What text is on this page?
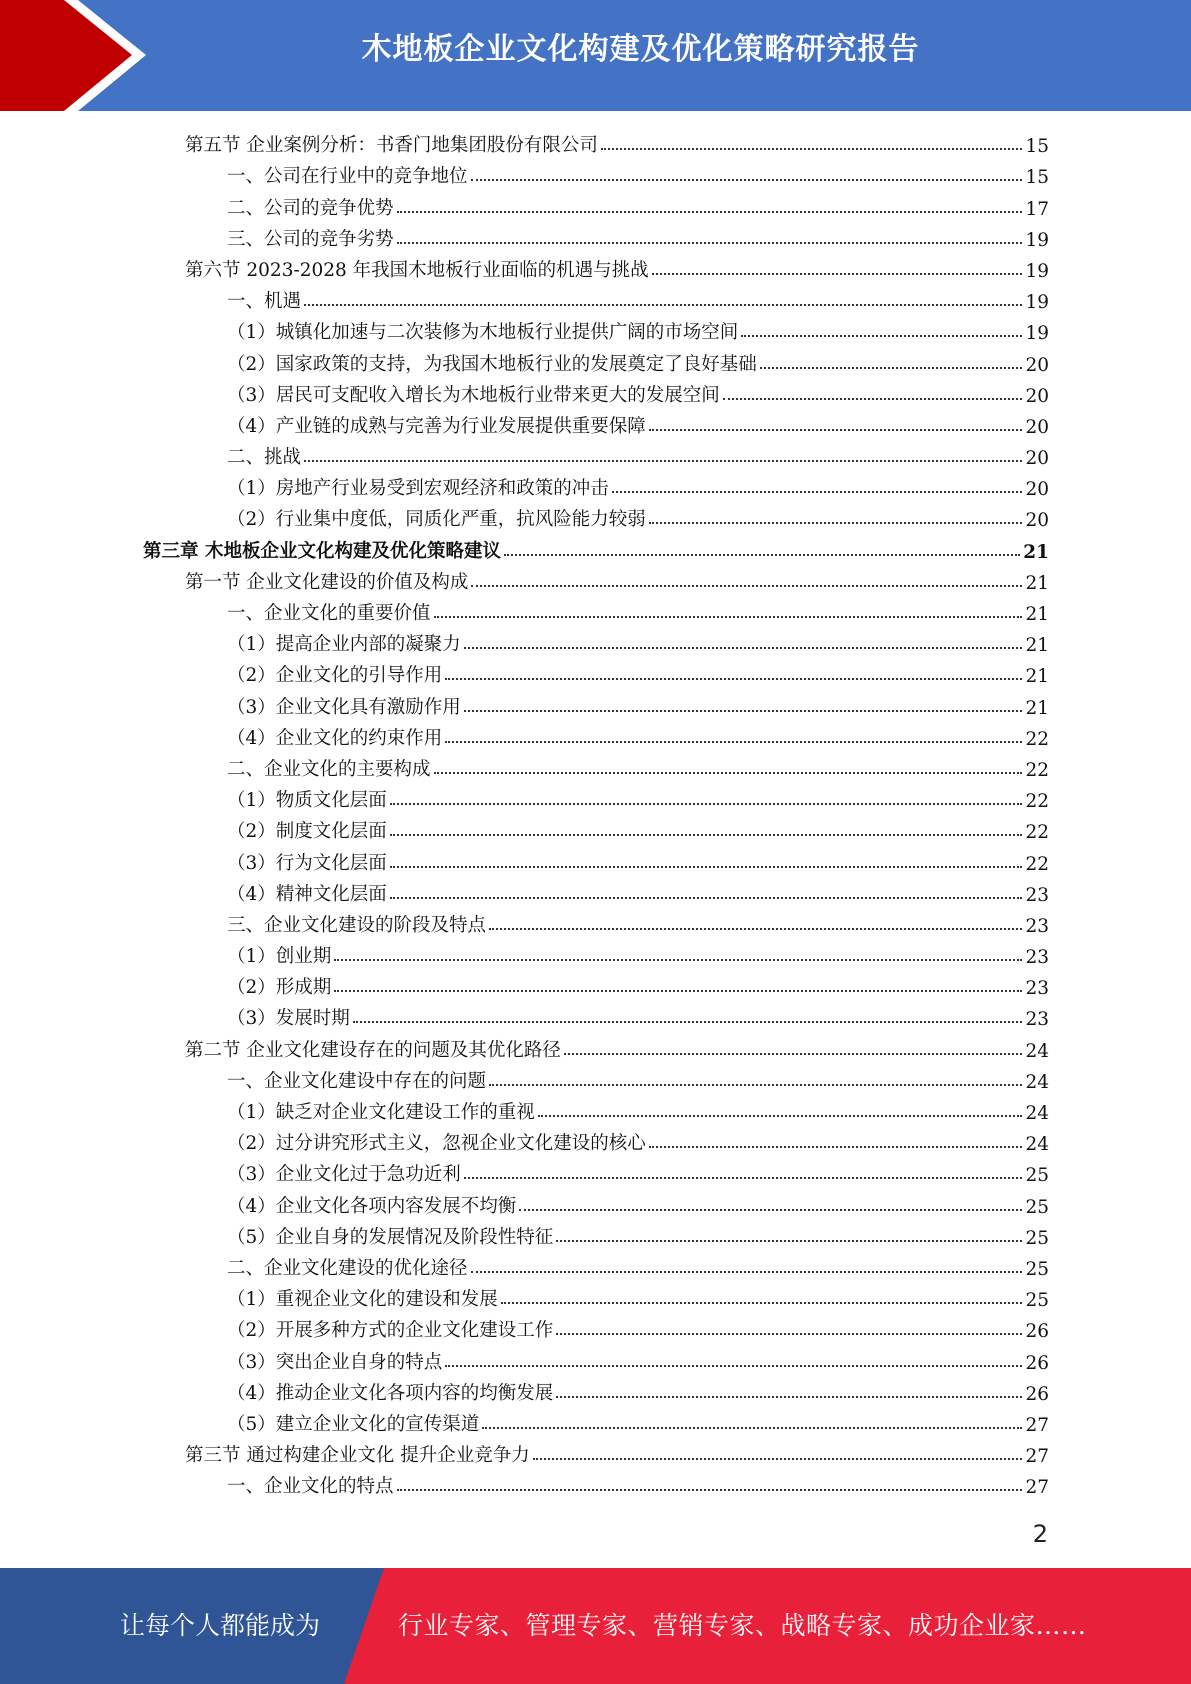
木地板企业文化构建及优化策略研究报告
第五节 企业案例分析：书香门地集团股份有限公司	15
一、公司在行业中的竞争地位	15
二、公司的竞争优势	17
三、公司的竞争劣势	19
第六节 2023-2028 年我国木地板行业面临的机遇与挑战	19
一、机遇	19
（1）城镇化加速与二次装修为木地板行业提供广阔的市场空间	19
（2）国家政策的支持，为我国木地板行业的发展奠定了良好基础	20
（3）居民可支配收入增长为木地板行业带来更大的发展空间	20
（4）产业链的成熟与完善为行业发展提供重要保障	20
二、挑战	20
（1）房地产行业易受到宏观经济和政策的冲击	20
（2）行业集中度低，同质化严重，抗风险能力较弱	20
第三章 木地板企业文化构建及优化策略建议	21
第一节 企业文化建设的价值及构成	21
一、企业文化的重要价值	21
（1）提高企业内部的凝聚力	21
（2）企业文化的引导作用	21
（3）企业文化具有激励作用	21
（4）企业文化的约束作用	22
二、企业文化的主要构成	22
（1）物质文化层面	22
（2）制度文化层面	22
（3）行为文化层面	22
（4）精神文化层面	23
三、企业文化建设的阶段及特点	23
（1）创业期	23
（2）形成期	23
（3）发展时期	23
第二节 企业文化建设存在的问题及其优化路径	24
一、企业文化建设中存在的问题	24
（1）缺乏对企业文化建设工作的重视	24
（2）过分讲究形式主义，忽视企业文化建设的核心	24
（3）企业文化过于急功近利	25
（4）企业文化各项内容发展不均衡	25
（5）企业自身的发展情况及阶段性特征	25
二、企业文化建设的优化途径	25
（1）重视企业文化的建设和发展	25
（2）开展多种方式的企业文化建设工作	26
（3）突出企业自身的特点	26
（4）推动企业文化各项内容的均衡发展	26
（5）建立企业文化的宣传渠道	27
第三节 通过构建企业文化 提升企业竞争力	27
一、企业文化的特点	27
2
让每个人都能成为	行业专家、管理专家、营销专家、战略专家、成功企业家……
